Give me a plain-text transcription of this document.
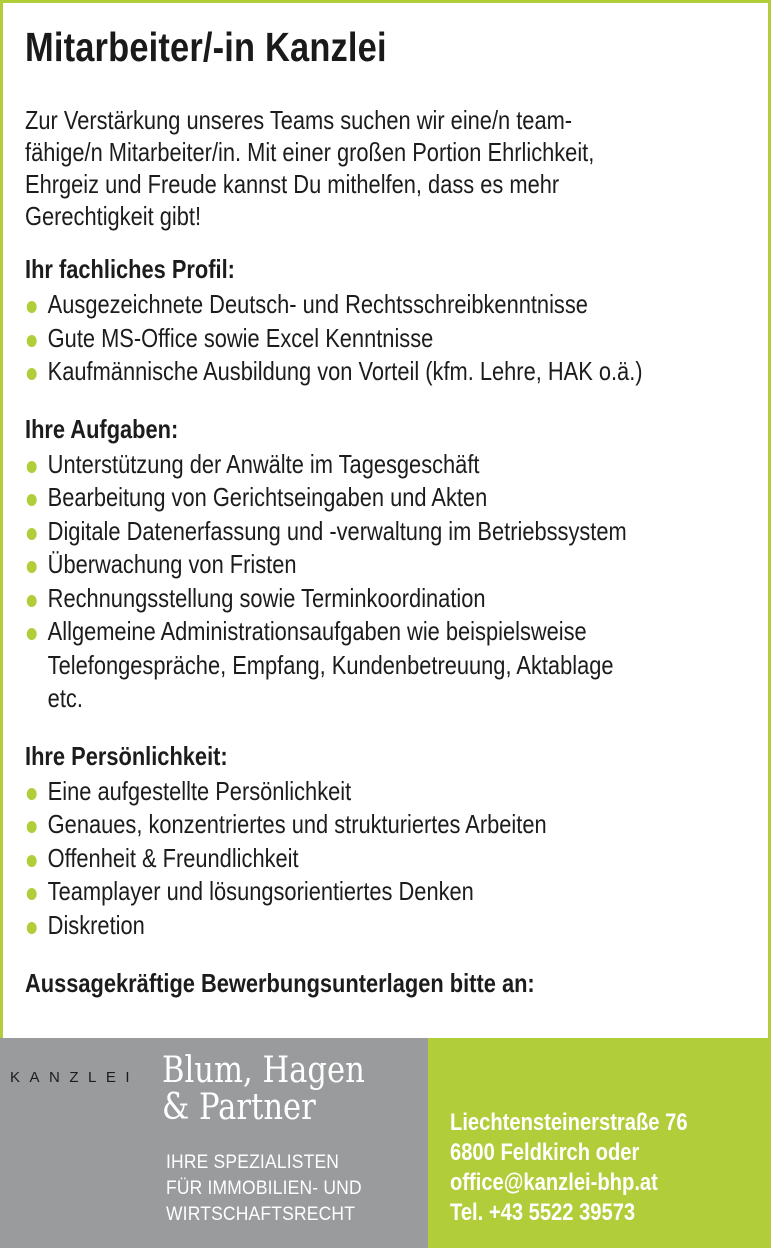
Mitarbeiter/-in Kanzlei
Zur Verstärkung unseres Teams suchen wir eine/n team-
fähige/n Mitarbeiter/in. Mit einer großen Portion Ehrlichkeit,
Ehrgeiz und Freude kannst Du mithelfen, dass es mehr
Gerechtigkeit gibt!

Ihr fachliches Profil:

Ausgezeichnete Deutsch- und Rechtsschreibkenntnisse
Gute MS-Office sowie Excel Kenntnisse
Kaufmännische Ausbildung von Vorteil (kfm. Lehre, HAK o.ä.)

Ihre Aufgaben:

Unterstützung der Anwälte im Tagesgeschäft
Bearbeitung von Gerichtseingaben und Akten
Digitale Datenerfassung und -verwaltung im Betriebssystem
Überwachung von Fristen
Rechnungsstellung sowie Terminkoordination
Allgemeine Administrationsaufgaben wie beispielsweise
Telefongespräche, Empfang, Kundenbetreuung, Aktablage
etc.

Ihre Persönlichkeit:

Eine aufgestellte Persönlichkeit
Genaues, konzentriertes und strukturiertes Arbeiten
Offenheit & Freundlichkeit
Teamplayer und lösungsorientiertes Denken
Diskretion

Aussagekräftige Bewerbungsunterlagen bitte an:

KANZLEI Blum, Hagen
& Partner
IHRE SPEZIALISTEN
FÜR IMMOBILIEN- UND
WIRTSCHAFTSRECHT
Liechtensteinerstraße 76
6800 Feldkirch oder
office@kanzlei-bhp.at
Tel. +43 5522 39573
